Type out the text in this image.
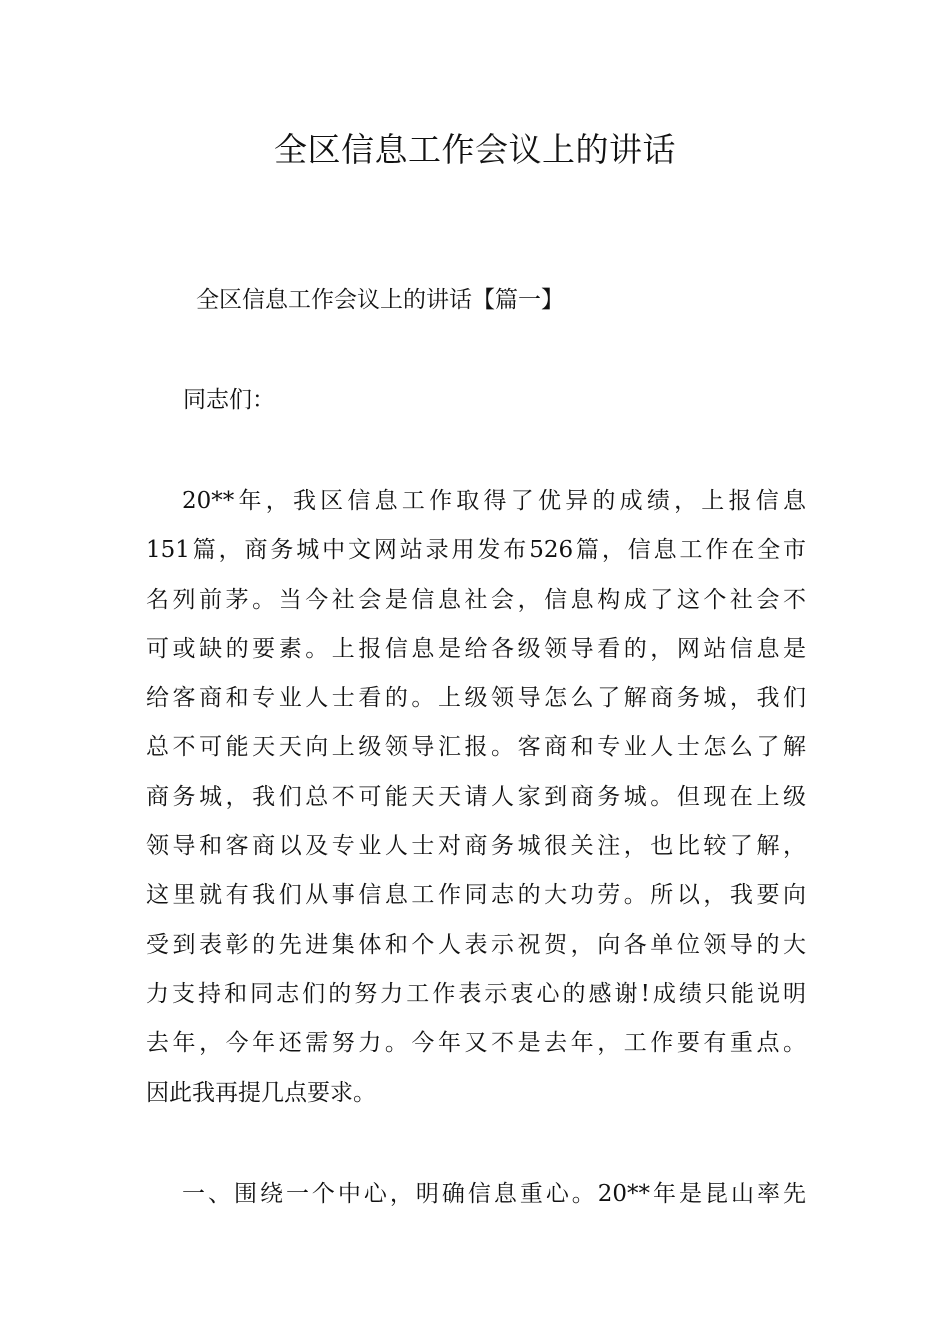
全区信息工作会议上的讲话

全区信息工作会议上的讲话【篇一】

同志们：

20**年，我区信息工作取得了优异的成绩，上报信息
151篇，商务城中文网站录用发布526篇，信息工作在全市
名列前茅。当今社会是信息社会，信息构成了这个社会不
可或缺的要素。上报信息是给各级领导看的，网站信息是
给客商和专业人士看的。上级领导怎么了解商务城，我们
总不可能天天向上级领导汇报。客商和专业人士怎么了解
商务城，我们总不可能天天请人家到商务城。但现在上级
领导和客商以及专业人士对商务城很关注，也比较了解，
这里就有我们从事信息工作同志的大功劳。所以，我要向
受到表彰的先进集体和个人表示祝贺，向各单位领导的大
力支持和同志们的努力工作表示衷心的感谢!成绩只能说明
去年，今年还需努力。今年又不是去年，工作要有重点。
因此我再提几点要求。
一、围绕一个中心，明确信息重心。20**年是昆山率先
